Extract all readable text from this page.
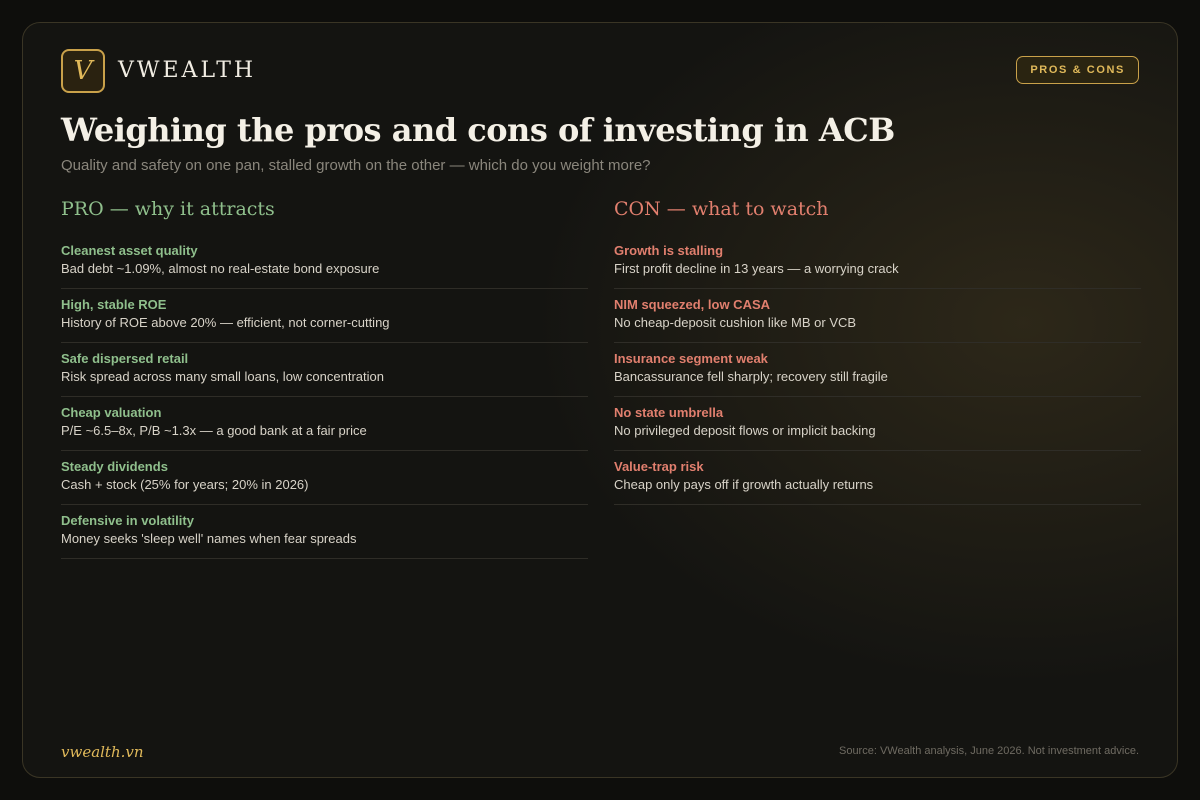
V	VWEALTH	PROS & CONS
Weighing the pros and cons of investing in ACB
Quality and safety on one pan, stalled growth on the other — which do you weight more?
PRO — why it attracts
Cleanest asset quality
Bad debt ~1.09%, almost no real-estate bond exposure
High, stable ROE
History of ROE above 20% — efficient, not corner-cutting
Safe dispersed retail
Risk spread across many small loans, low concentration
Cheap valuation
P/E ~6.5–8x, P/B ~1.3x — a good bank at a fair price
Steady dividends
Cash + stock (25% for years; 20% in 2026)
Defensive in volatility
Money seeks 'sleep well' names when fear spreads
CON — what to watch
Growth is stalling
First profit decline in 13 years — a worrying crack
NIM squeezed, low CASA
No cheap-deposit cushion like MB or VCB
Insurance segment weak
Bancassurance fell sharply; recovery still fragile
No state umbrella
No privileged deposit flows or implicit backing
Value-trap risk
Cheap only pays off if growth actually returns
vwealth.vn	Source: VWealth analysis, June 2026. Not investment advice.
